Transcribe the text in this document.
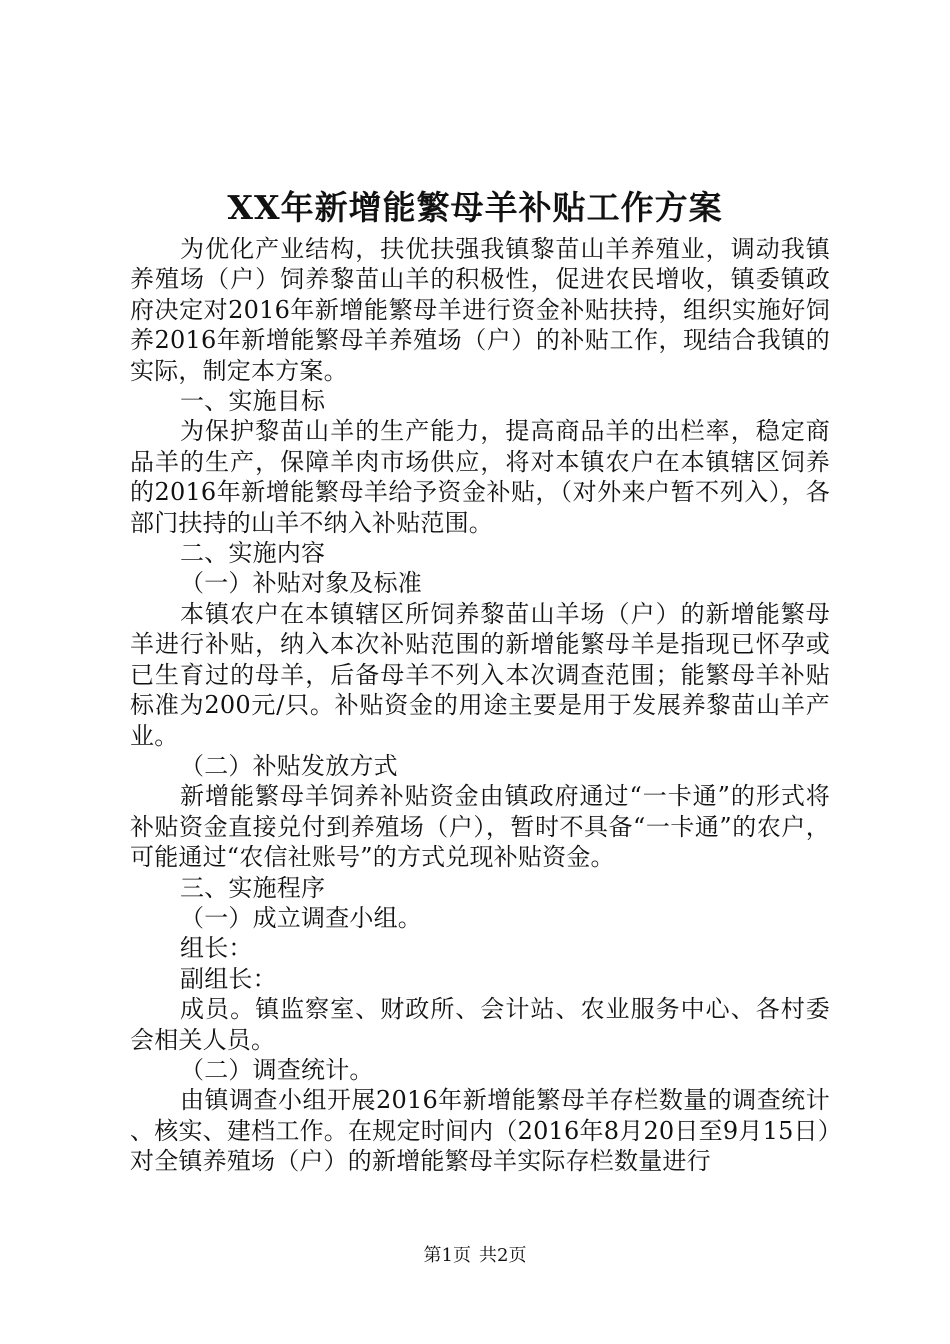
XX年新增能繁母羊补贴工作方案

为优化产业结构，扶优扶强我镇黎苗山羊养殖业，调动我镇养殖场（户）饲养黎苗山羊的积极性，促进农民增收，镇委镇政府决定对2016年新增能繁母羊进行资金补贴扶持，组织实施好饲养2016年新增能繁母羊养殖场（户）的补贴工作，现结合我镇的实际，制定本方案。

一、实施目标

为保护黎苗山羊的生产能力，提高商品羊的出栏率，稳定商品羊的生产，保障羊肉市场供应，将对本镇农户在本镇辖区饲养的2016年新增能繁母羊给予资金补贴，（对外来户暂不列入），各部门扶持的山羊不纳入补贴范围。

二、实施内容

（一）补贴对象及标准

本镇农户在本镇辖区所饲养黎苗山羊场（户）的新增能繁母羊进行补贴，纳入本次补贴范围的新增能繁母羊是指现已怀孕或已生育过的母羊，后备母羊不列入本次调查范围；能繁母羊补贴标准为200元/只。补贴资金的用途主要是用于发展养黎苗山羊产业。

（二）补贴发放方式

新增能繁母羊饲养补贴资金由镇政府通过“一卡通”的形式将补贴资金直接兑付到养殖场（户），暂时不具备“一卡通”的农户，可能通过“农信社账号”的方式兑现补贴资金。

三、实施程序

（一）成立调查小组。

组长：

副组长：

成员。镇监察室、财政所、会计站、农业服务中心、各村委会相关人员。

（二）调查统计。

由镇调查小组开展2016年新增能繁母羊存栏数量的调查统计、核实、建档工作。在规定时间内（2016年8月20日至9月15日）对全镇养殖场（户）的新增能繁母羊实际存栏数量进行

第1页 共2页
